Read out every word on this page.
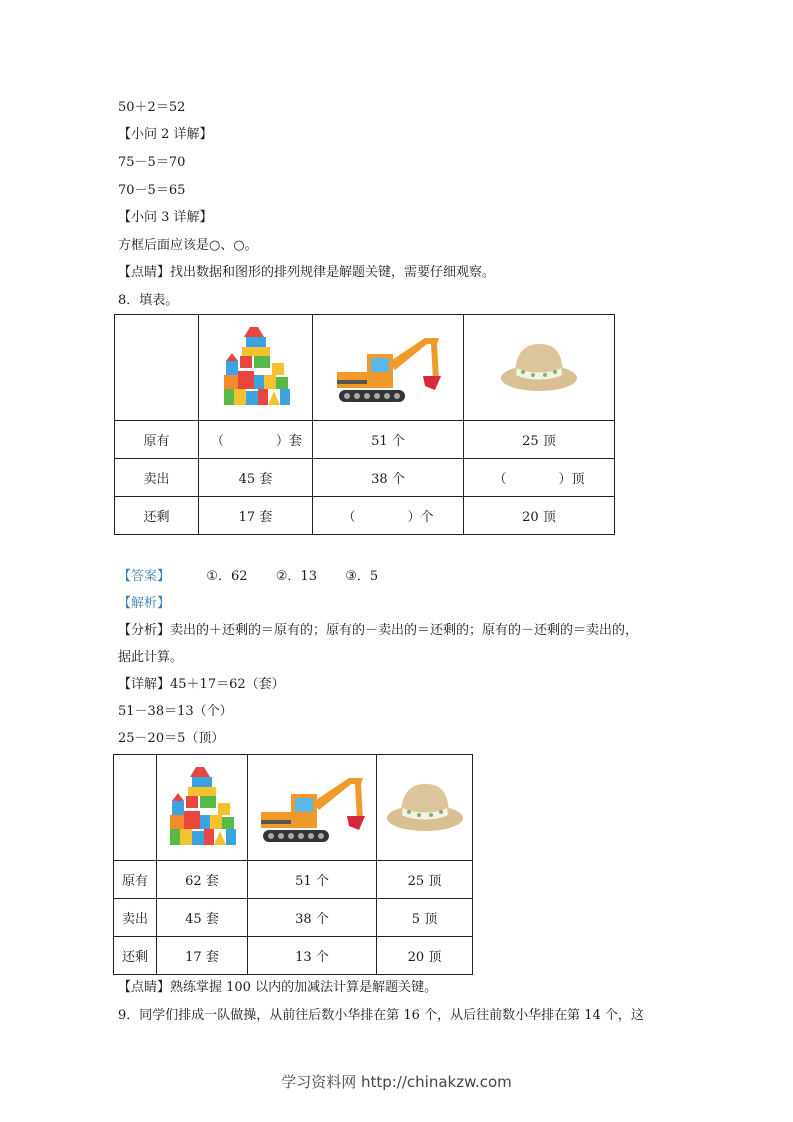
50＋2＝52
【小问 2 详解】
75－5＝70
70－5＝65
【小问 3 详解】
方框后面应该是○、○。
【点睛】找出数据和图形的排列规律是解题关键，需要仔细观察。
8．填表。

原有	（　　　　）套	51 个	25 顶
卖出	45 套	38 个	（　　　　）顶
还剩	17 套	（　　　　）个	20 顶
【答案】	①．62 ②．13 ③．5
【解析】
【分析】卖出的＋还剩的＝原有的；原有的－卖出的＝还剩的；原有的－还剩的＝卖出的，
据此计算。
【详解】45＋17＝62（套）
51－38＝13（个）
25－20＝5（顶）

原有	62 套	51 个	25 顶
卖出	45 套	38 个	5 顶
还剩	17 套	13 个	20 顶
【点睛】熟练掌握 100 以内的加减法计算是解题关键。
9．同学们排成一队做操，从前往后数小华排在第 16 个，从后往前数小华排在第 14 个，这
学习资料网 http://chinakzw.com
